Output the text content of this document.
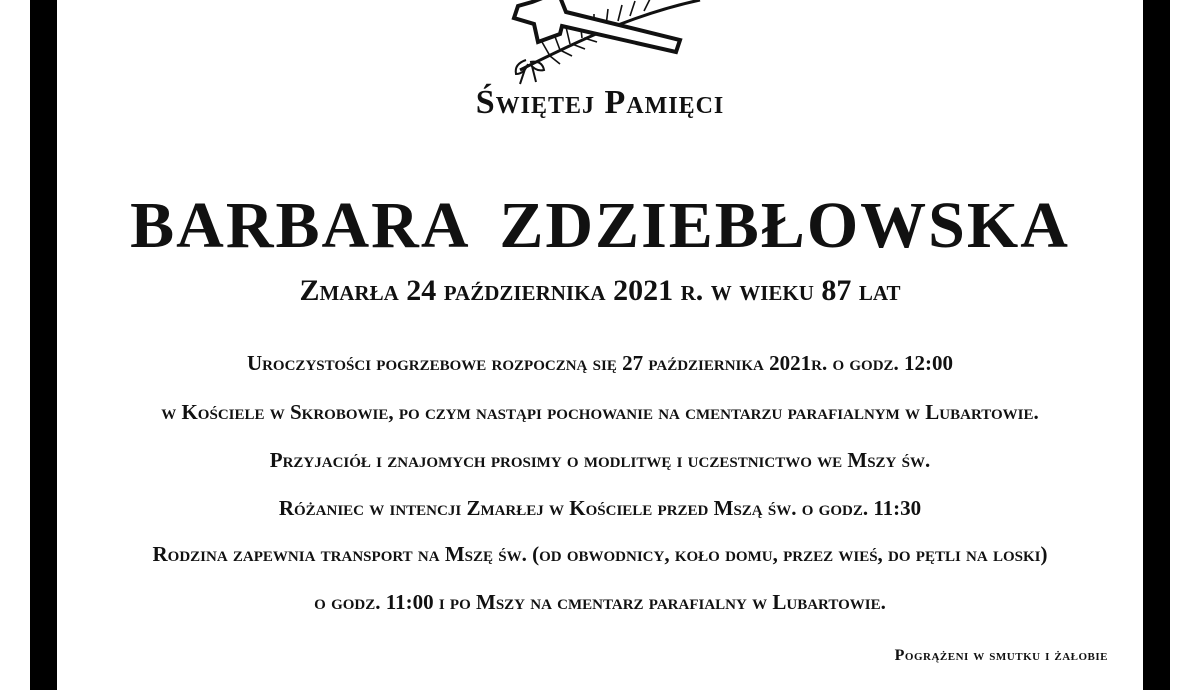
Świętej Pamięci
BARBARA ZDZIEBŁOWSKA
Zmarła 24 października 2021 r. w wieku 87 lat
Uroczystości pogrzebowe rozpoczną się 27 października 2021r. o godz. 12:00
w Kościele w Skrobowie, po czym nastąpi pochowanie na cmentarzu parafialnym w Lubartowie.
Przyjaciół i znajomych prosimy o modlitwę i uczestnictwo we Mszy św.
Różaniec w intencji Zmarłej w Kościele przed Mszą św. o godz. 11:30
Rodzina zapewnia transport na Mszę św. (od obwodnicy, koło domu, przez wieś, do pętli na loski)
o godz. 11:00 i po Mszy na cmentarz parafialny w Lubartowie.
Pogrążeni w smutku i żałobie
